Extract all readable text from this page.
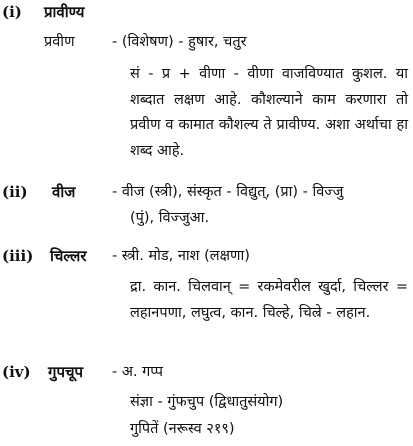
(i) प्रावीण्य
प्रवीण	- (विशेषण) - हुषार, चतुर
सं - प्र + वीणा - वीणा वाजविण्यात कुशल. या शब्दात लक्षण आहे. कौशल्याने काम करणारा तो प्रवीण व कामात कौशल्य ते प्रावीण्य. अशा अर्थाचा हा शब्द आहे.
(ii) वीज	- वीज (स्त्री), संस्कृत - विद्युत्, (प्रा) - विज्जु
(पुं), विज्जुआ.
(iii) चिल्लर - स्त्री. मोड, नाश (लक्षणा)
द्रा. कान. चिलवान् = रकमेवरील खुर्दा, चिल्लर = लहानपणा, लघुत्व, कान. चिल्हे, चिल्रे - लहान.
(iv) गुपचूप - अ. गप्प
संज्ञा - गुंफचुप (द्विधातुसंयोग)
गुपितें (नरूस्व २१९)
